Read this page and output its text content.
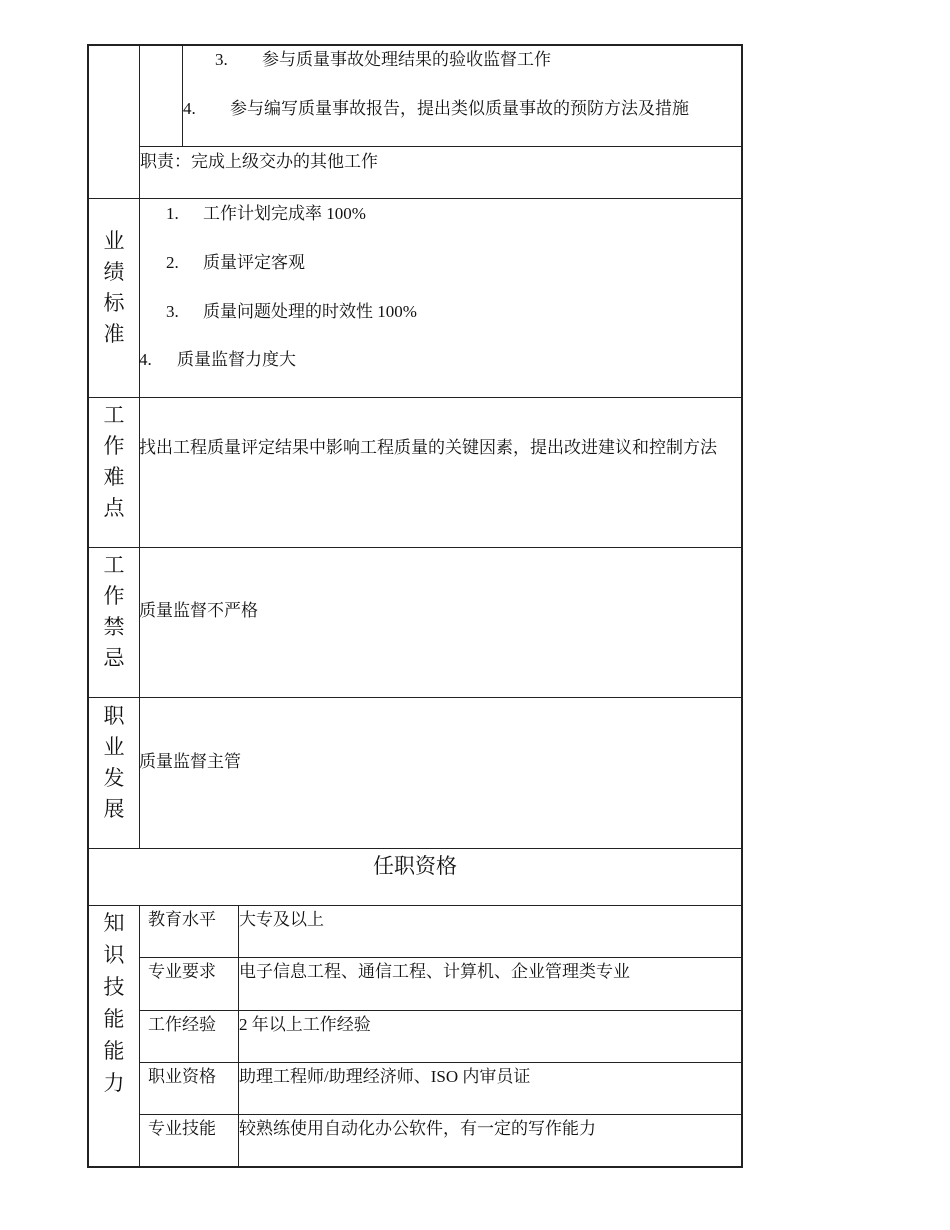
3. 参与质量事故处理结果的验收监督工作
4. 参与编写质量事故报告，提出类似质量事故的预防方法及措施
职责：完成上级交办的其他工作
业
绩
标
准
1. 工作计划完成率 100%
2. 质量评定客观
3. 质量问题处理的时效性 100%
4. 质量监督力度大
工
作
难
点
找出工程质量评定结果中影响工程质量的关键因素，提出改进建议和控制方法
工
作
禁
忌
质量监督不严格
职
业
发
展
质量监督主管
任职资格
知
识
技
能
能
力
教育水平 大专及以上
专业要求 电子信息工程、通信工程、计算机、企业管理类专业
工作经验 2 年以上工作经验
职业资格 助理工程师/助理经济师、ISO 内审员证
专业技能 较熟练使用自动化办公软件，有一定的写作能力
